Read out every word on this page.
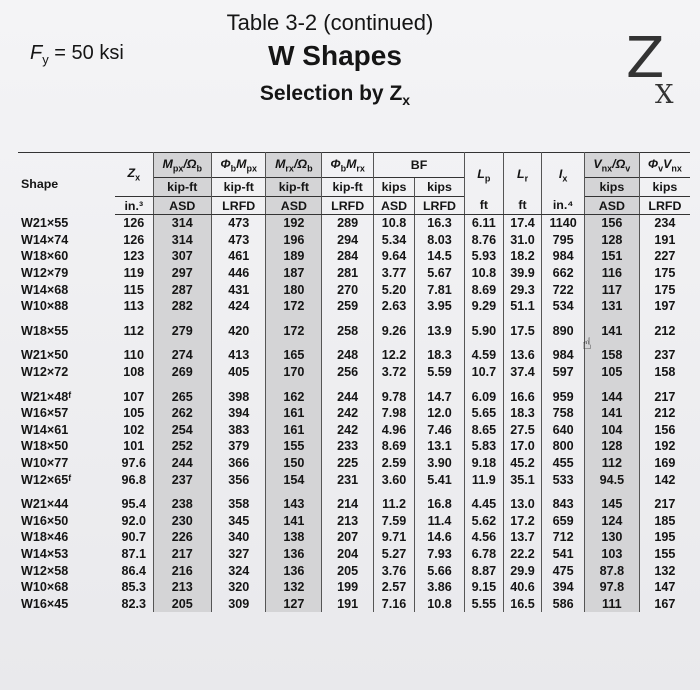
$F_y = 50$ ksi
Table 3-2 (continued)
W Shapes
Selection by $Z_x$
Z
X
Shape	$Z_x$	$M_{px}/\Omega_b$	$\Phi_bM_{px}$	$M_{rx}/\Omega_b$	$\Phi_bM_{rx}$	BF		$L_p$	$L_r$	$I_x$	$V_{nx}/\Omega_v$	$\Phi_vV_{nx}$
		kip-ft	kip-ft	kip-ft	kip-ft	kips	kips				kips	kips
	in.³	ASD	LRFD	ASD	LRFD	ASD	LRFD	ft	ft	in.⁴	ASD	LRFD
W21×55	126	314	473	192	289	10.8	16.3	6.11	17.4	1140	156	234
W14×74	126	314	473	196	294	5.34	8.03	8.76	31.0	795	128	191
W18×60	123	307	461	189	284	9.64	14.5	5.93	18.2	984	151	227
W12×79	119	297	446	187	281	3.77	5.67	10.8	39.9	662	116	175
W14×68	115	287	431	180	270	5.20	7.81	8.69	29.3	722	117	175
W10×88	113	282	424	172	259	2.63	3.95	9.29	51.1	534	131	197

W18×55	112	279	420	172	258	9.26	13.9	5.90	17.5	890	141	212

W21×50	110	274	413	165	248	12.2	18.3	4.59	13.6	984	158	237
W12×72	108	269	405	170	256	3.72	5.59	10.7	37.4	597	105	158

W21×48ᶠ	107	265	398	162	244	9.78	14.7	6.09	16.6	959	144	217
W16×57	105	262	394	161	242	7.98	12.0	5.65	18.3	758	141	212
W14×61	102	254	383	161	242	4.96	7.46	8.65	27.5	640	104	156
W18×50	101	252	379	155	233	8.69	13.1	5.83	17.0	800	128	192
W10×77	97.6	244	366	150	225	2.59	3.90	9.18	45.2	455	112	169
W12×65ᶠ	96.8	237	356	154	231	3.60	5.41	11.9	35.1	533	94.5	142

W21×44	95.4	238	358	143	214	11.2	16.8	4.45	13.0	843	145	217
W16×50	92.0	230	345	141	213	7.59	11.4	5.62	17.2	659	124	185
W18×46	90.7	226	340	138	207	9.71	14.6	4.56	13.7	712	130	195
W14×53	87.1	217	327	136	204	5.27	7.93	6.78	22.2	541	103	155
W12×58	86.4	216	324	136	205	3.76	5.66	8.87	29.9	475	87.8	132
W10×68	85.3	213	320	132	199	2.57	3.86	9.15	40.6	394	97.8	147
W16×45	82.3	205	309	127	191	7.16	10.8	5.55	16.5	586	111	167
☝
